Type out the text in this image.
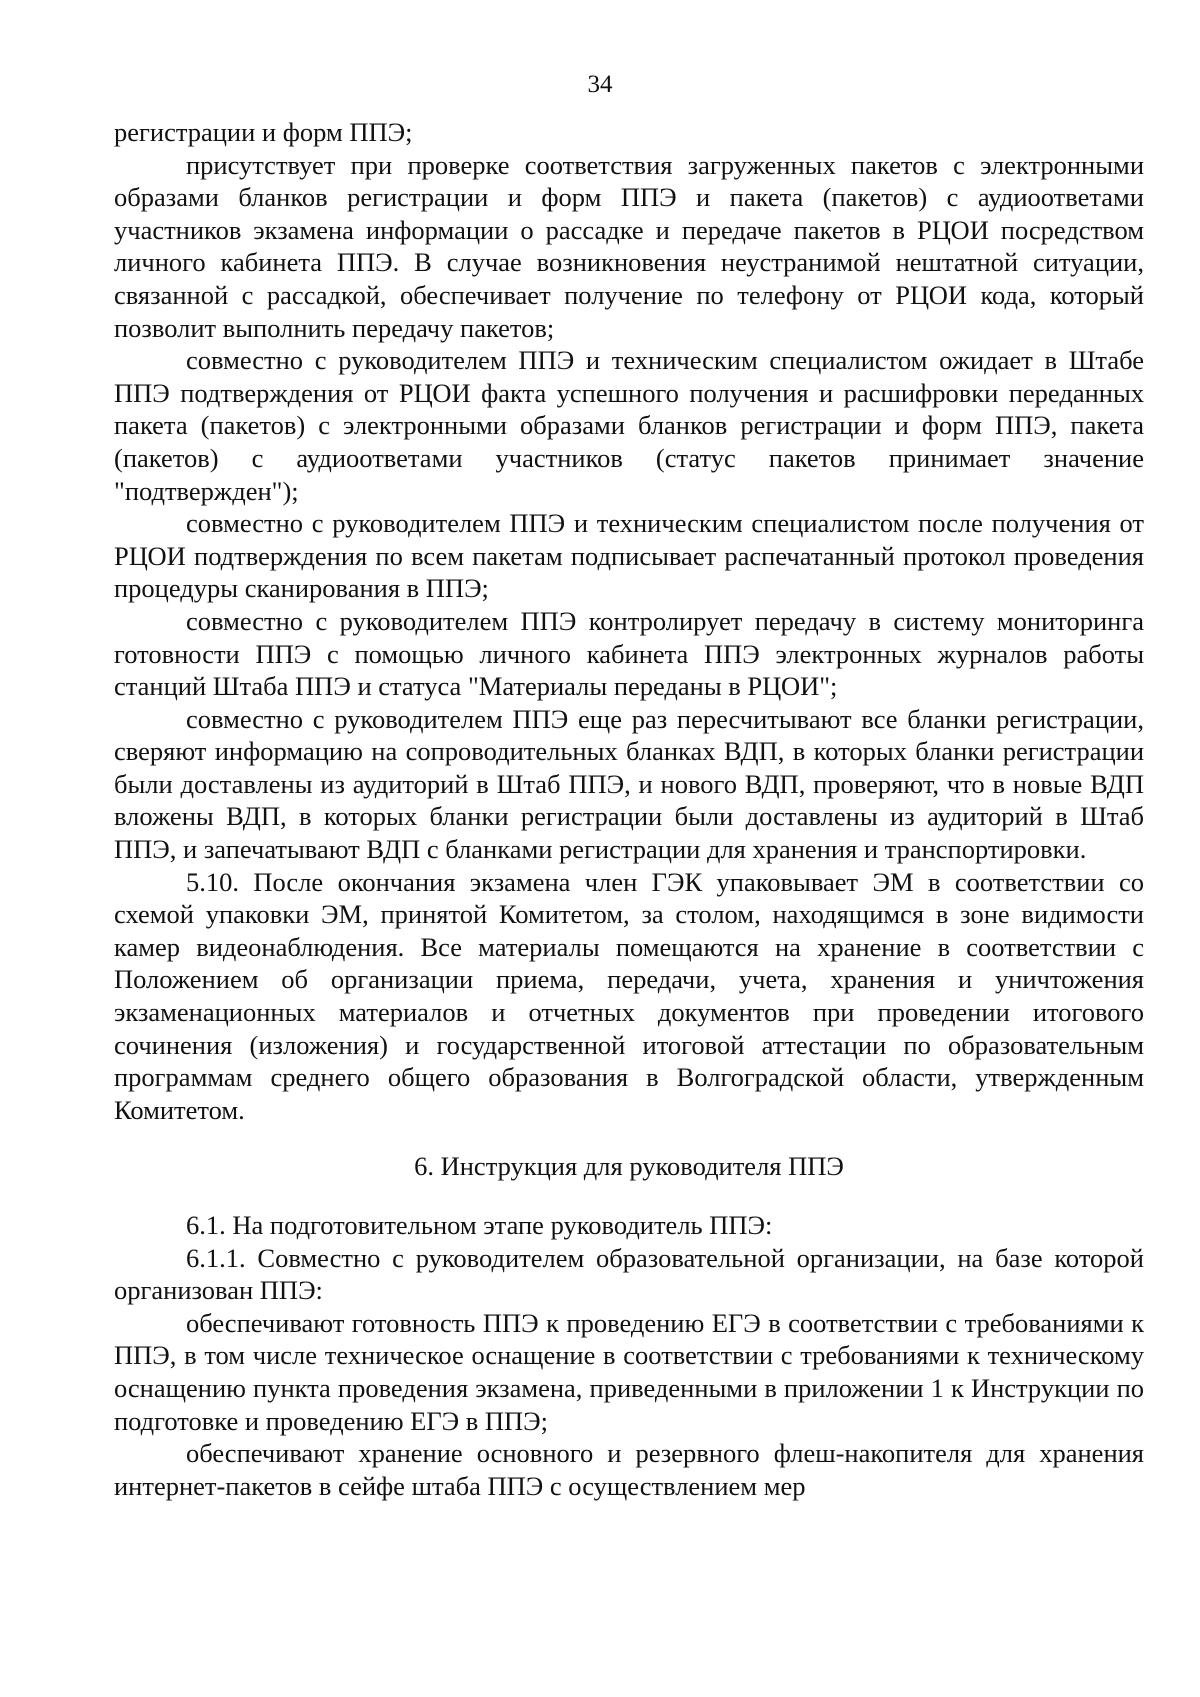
34

регистрации и форм ППЭ;

присутствует при проверке соответствия загруженных пакетов с электронными образами бланков регистрации и форм ППЭ и пакета (пакетов) с аудиоответами участников экзамена информации о рассадке и передаче пакетов в РЦОИ посредством личного кабинета ППЭ. В случае возникновения неустранимой нештатной ситуации, связанной с рассадкой, обеспечивает получение по телефону от РЦОИ кода, который позволит выполнить передачу пакетов;

совместно с руководителем ППЭ и техническим специалистом ожидает в Штабе ППЭ подтверждения от РЦОИ факта успешного получения и расшифровки переданных пакета (пакетов) с электронными образами бланков регистрации и форм ППЭ, пакета (пакетов) с аудиоответами участников (статус пакетов принимает значение "подтвержден");

совместно с руководителем ППЭ и техническим специалистом после получения от РЦОИ подтверждения по всем пакетам подписывает распечатанный протокол проведения процедуры сканирования в ППЭ;

совместно с руководителем ППЭ контролирует передачу в систему мониторинга готовности ППЭ с помощью личного кабинета ППЭ электронных журналов работы станций Штаба ППЭ и статуса "Материалы переданы в РЦОИ";

совместно с руководителем ППЭ еще раз пересчитывают все бланки регистрации, сверяют информацию на сопроводительных бланках ВДП, в которых бланки регистрации были доставлены из аудиторий в Штаб ППЭ, и нового ВДП, проверяют, что в новые ВДП вложены ВДП, в которых бланки регистрации были доставлены из аудиторий в Штаб ППЭ, и запечатывают ВДП с бланками регистрации для хранения и транспортировки.

5.10. После окончания экзамена член ГЭК упаковывает ЭМ в соответствии со схемой упаковки ЭМ, принятой Комитетом, за столом, находящимся в зоне видимости камер видеонаблюдения. Все материалы помещаются на хранение в соответствии с Положением об организации приема, передачи, учета, хранения и уничтожения экзаменационных материалов и отчетных документов при проведении итогового сочинения (изложения) и государственной итоговой аттестации по образовательным программам среднего общего образования в Волгоградской области, утвержденным Комитетом.

6. Инструкция для руководителя ППЭ

6.1. На подготовительном этапе руководитель ППЭ:

6.1.1. Совместно с руководителем образовательной организации, на базе которой организован ППЭ:

обеспечивают готовность ППЭ к проведению ЕГЭ в соответствии с требованиями к ППЭ, в том числе техническое оснащение в соответствии с требованиями к техническому оснащению пункта проведения экзамена, приведенными в приложении 1 к Инструкции по подготовке и проведению ЕГЭ в ППЭ;

обеспечивают хранение основного и резервного флеш-накопителя для хранения интернет-пакетов в сейфе штаба ППЭ с осуществлением мер
